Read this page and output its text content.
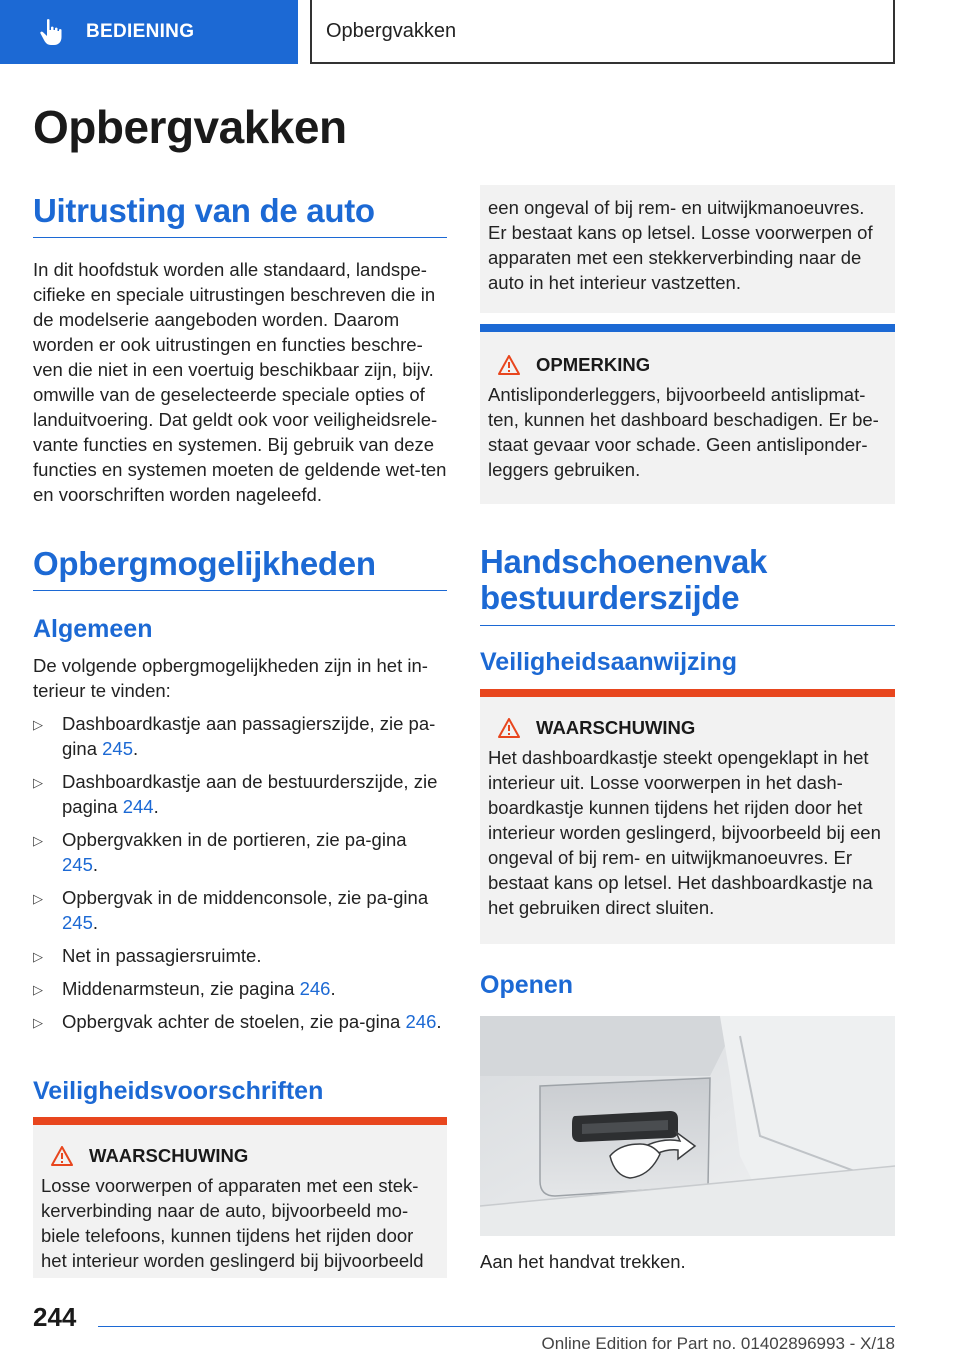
BEDIENING	Opbergvakken
Opbergvakken
Uitrusting van de auto

In dit hoofdstuk worden alle standaard, landspe-cifieke en speciale uitrustingen beschreven die in de modelserie aangeboden worden. Daarom worden er ook uitrustingen en functies beschre-ven die niet in een voertuig beschikbaar zijn, bijv. omwille van de geselecteerde speciale opties of landuitvoering. Dat geldt ook voor veiligheidsrele-vante functies en systemen. Bij gebruik van deze functies en systemen moeten de geldende wet-ten en voorschriften worden nageleefd.

Opbergmogelijkheden
Algemeen

De volgende opbergmogelijkheden zijn in het in-terieur te vinden:

▷ Dashboardkastje aan passagierszijde, zie pa-gina 245.
▷ Dashboardkastje aan de bestuurderszijde, zie pagina 244.
▷ Opbergvakken in de portieren, zie pa-gina 245.
▷ Opbergvak in de middenconsole, zie pa-gina 245.
▷ Net in passagiersruimte.
▷ Middenarmsteun, zie pagina 246.
▷ Opbergvak achter de stoelen, zie pa-gina 246.
Veiligheidsvoorschriften
WAARSCHUWING
Losse voorwerpen of apparaten met een stek-kerverbinding naar de auto, bijvoorbeeld mo-biele telefoons, kunnen tijdens het rijden door het interieur worden geslingerd bij bijvoorbeeld
een ongeval of bij rem- en uitwijkmanoeuvres. Er bestaat kans op letsel. Losse voorwerpen of apparaten met een stekkerverbinding naar de auto in het interieur vastzetten.
OPMERKING
Antisliponderleggers, bijvoorbeeld antislipmat-ten, kunnen het dashboard beschadigen. Er be-staat gevaar voor schade. Geen antisliponder-leggers gebruiken.
Handschoenenvak
bestuurderszijde
Veiligheidsaanwijzing
WAARSCHUWING
Het dashboardkastje steekt opengeklapt in het interieur uit. Losse voorwerpen in het dash-boardkastje kunnen tijdens het rijden door het interieur worden geslingerd, bijvoorbeeld bij een ongeval of bij rem- en uitwijkmanoeuvres. Er bestaat kans op letsel. Het dashboardkastje na het gebruiken direct sluiten.
Openen

Aan het handvat trekken.

244
Online Edition for Part no. 01402896993 - X/18
